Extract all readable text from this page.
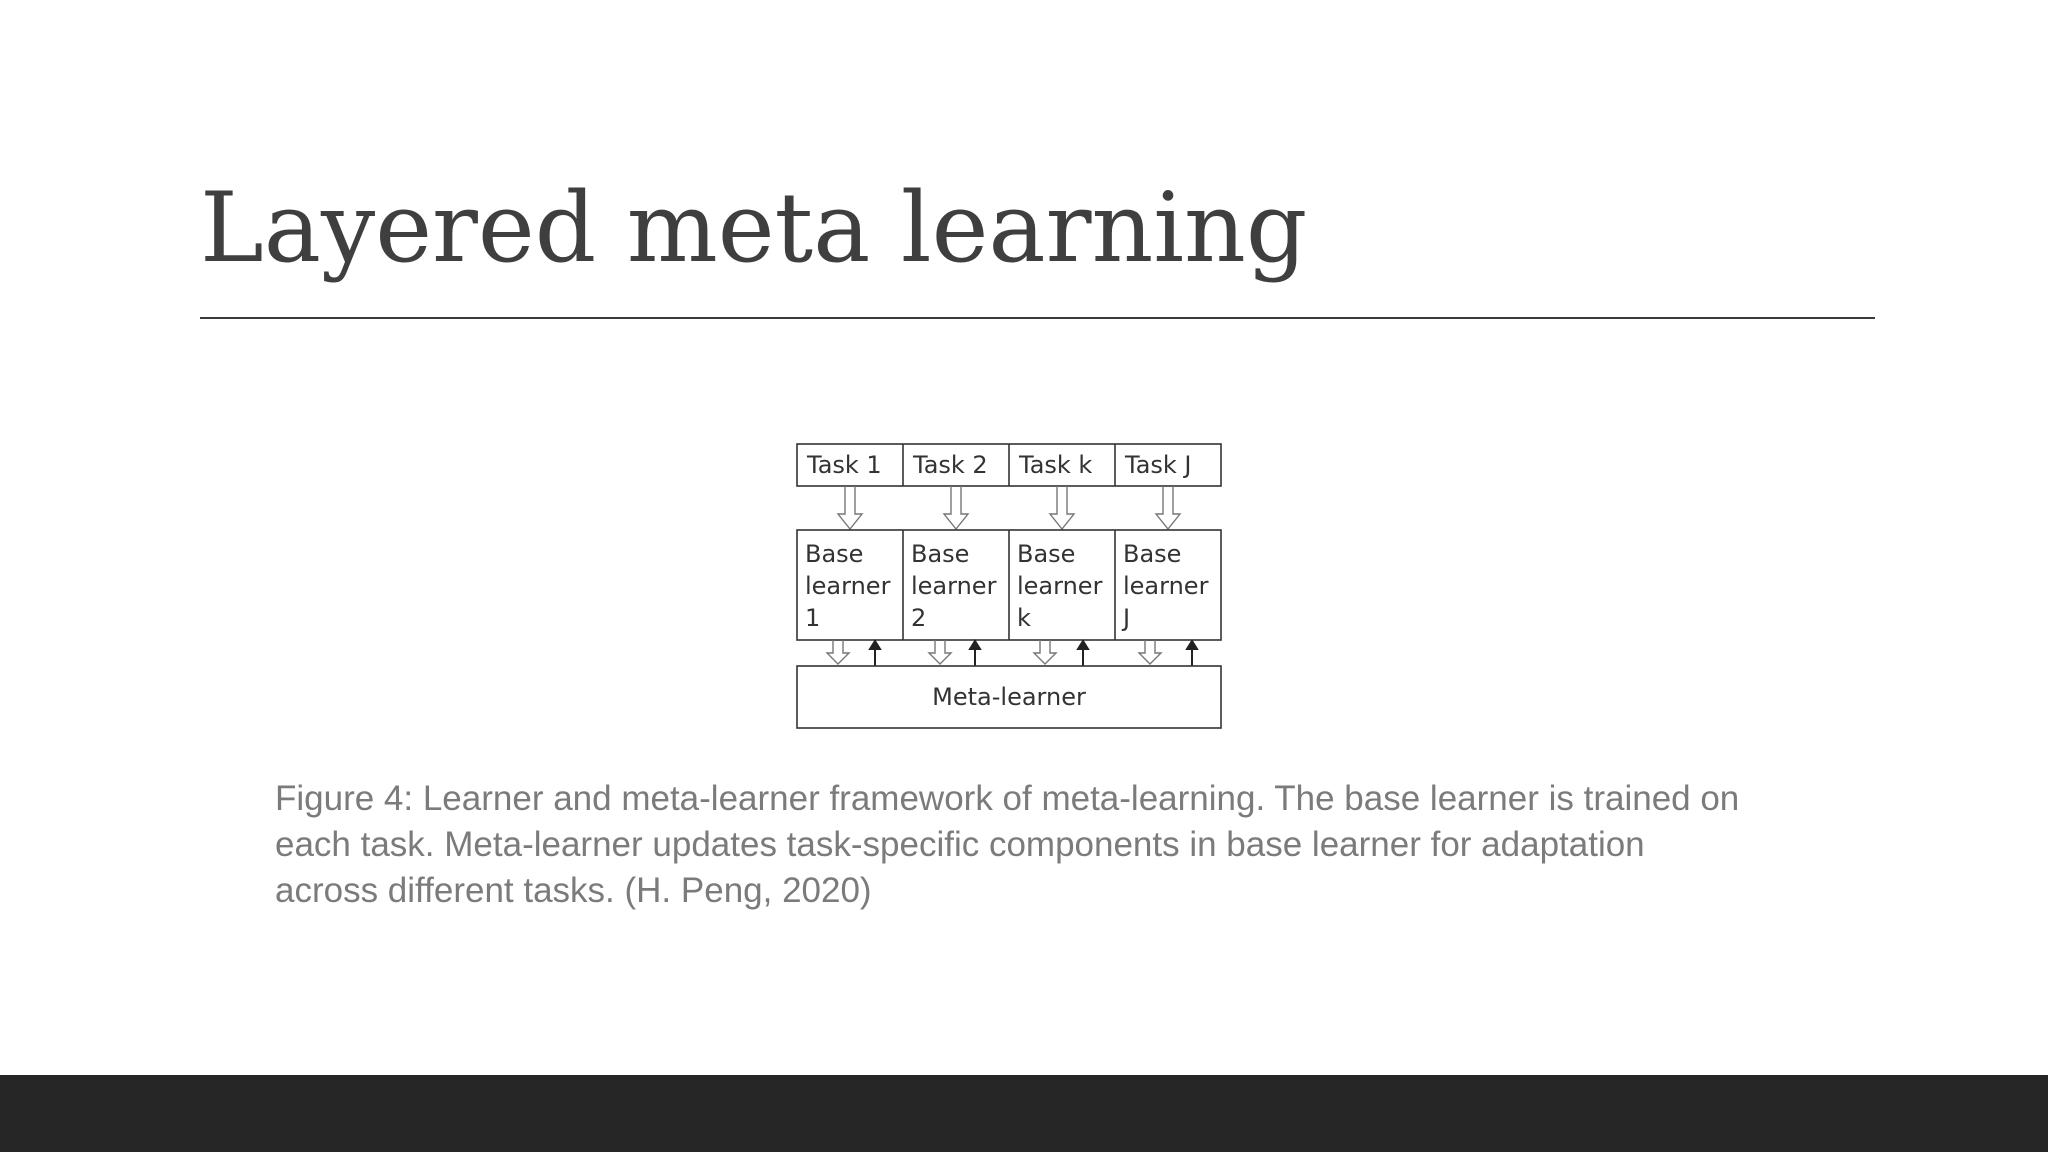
Layered meta learning
Task 1 Task 2 Task k Task J
Base
learner
1
Base
learner
2
Base
learner
k
Base
learner
J
Meta-learner

Figure 4: Learner and meta-learner framework of meta-learning. The base learner is trained on each task. Meta-learner updates task-specific components in base learner for adaptation across different tasks. (H. Peng, 2020)
